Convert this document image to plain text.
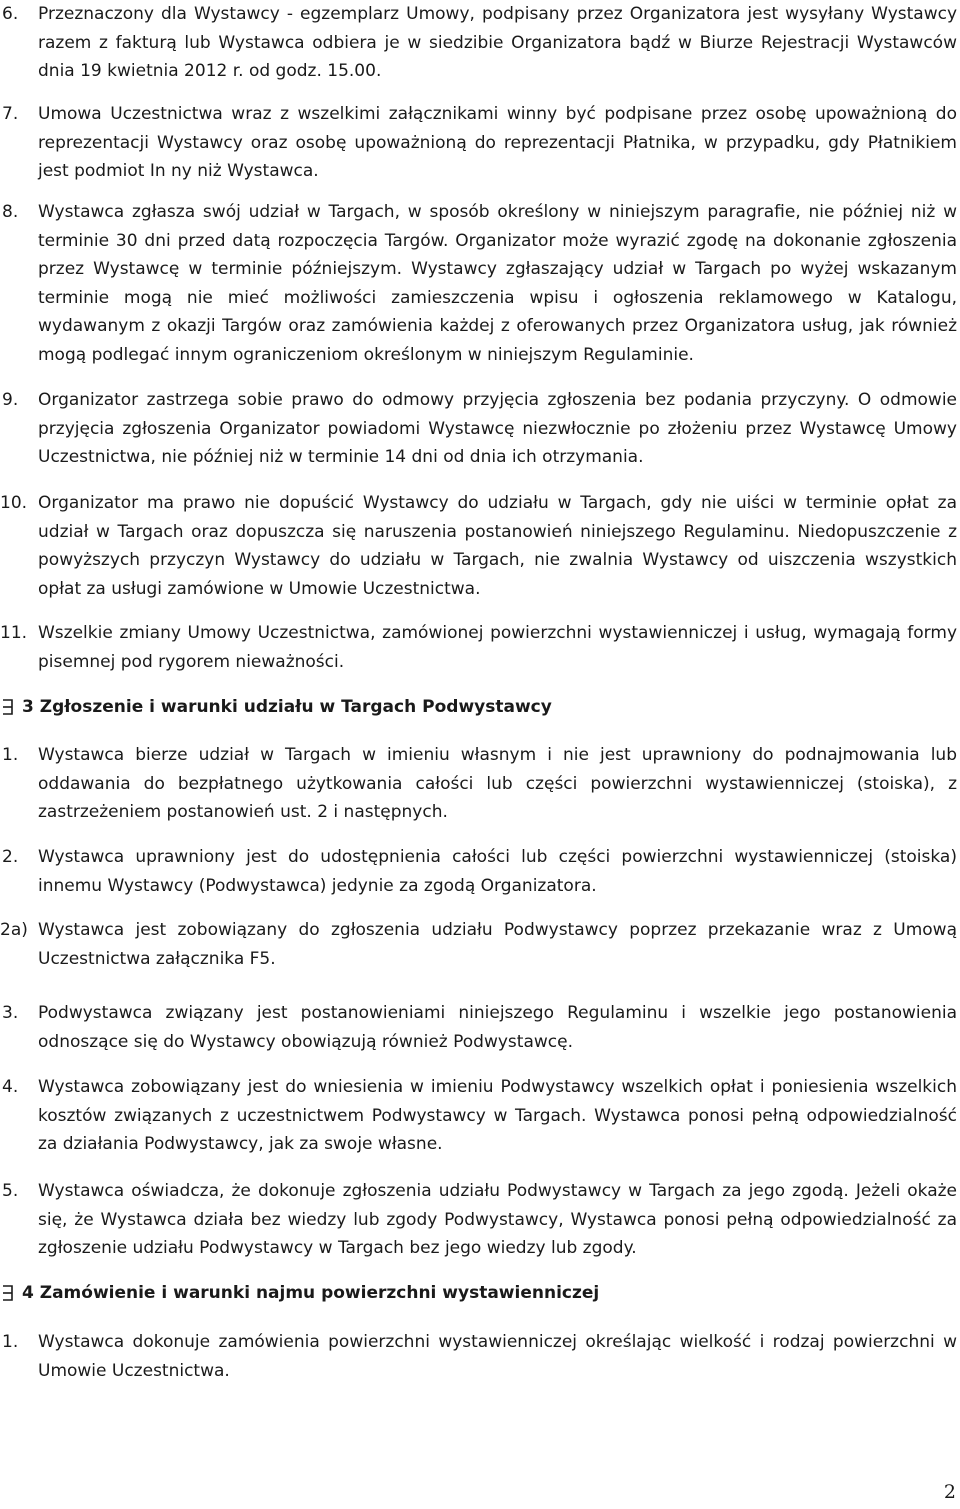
6. Przeznaczony dla Wystawcy - egzemplarz Umowy, podpisany przez Organizatora jest wysyłany Wystawcy razem z fakturą lub Wystawca odbiera je w siedzibie Organizatora bądź w Biurze Rejestracji Wystawców dnia 19 kwietnia 2012 r. od godz. 15.00.
7. Umowa Uczestnictwa wraz z wszelkimi załącznikami winny być podpisane przez osobę upoważnioną do reprezentacji Wystawcy oraz osobę upoważnioną do reprezentacji Płatnika, w przypadku, gdy Płatnikiem jest podmiot In ny niż Wystawca.
8. Wystawca zgłasza swój udział w Targach, w sposób określony w niniejszym paragrafie, nie później niż w terminie 30 dni przed datą rozpoczęcia Targów. Organizator może wyrazić zgodę na dokonanie zgłoszenia przez Wystawcę w terminie późniejszym. Wystawcy zgłaszający udział w Targach po wyżej wskazanym terminie mogą nie mieć możliwości zamieszczenia wpisu i ogłoszenia reklamowego w Katalogu, wydawanym z okazji Targów oraz zamówienia każdej z oferowanych przez Organizatora usług, jak również mogą podlegać innym ograniczeniom określonym w niniejszym Regulaminie.
9. Organizator zastrzega sobie prawo do odmowy przyjęcia zgłoszenia bez podania przyczyny. O odmowie przyjęcia zgłoszenia Organizator powiadomi Wystawcę niezwłocznie po złożeniu przez Wystawcę Umowy Uczestnictwa, nie później niż w terminie 14 dni od dnia ich otrzymania.
10. Organizator ma prawo nie dopuścić Wystawcy do udziału w Targach, gdy nie uiści w terminie opłat za udział w Targach oraz dopuszcza się naruszenia postanowień niniejszego Regulaminu. Niedopuszczenie z powyższych przyczyn Wystawcy do udziału w Targach, nie zwalnia Wystawcy od uiszczenia wszystkich opłat za usługi zamówione w Umowie Uczestnictwa.
11. Wszelkie zmiany Umowy Uczestnictwa, zamówionej powierzchni wystawienniczej i usług, wymagają formy pisemnej pod rygorem nieważności.
3 Zgłoszenie i warunki udziału w Targach Podwystawcy
1. Wystawca bierze udział w Targach w imieniu własnym i nie jest uprawniony do podnajmowania lub oddawania do bezpłatnego użytkowania całości lub części powierzchni wystawienniczej (stoiska), z zastrzeżeniem postanowień ust. 2 i następnych.
2. Wystawca uprawniony jest do udostępnienia całości lub części powierzchni wystawienniczej (stoiska) innemu Wystawcy (Podwystawca) jedynie za zgodą Organizatora.
2a) Wystawca jest zobowiązany do zgłoszenia udziału Podwystawcy poprzez przekazanie wraz z Umową Uczestnictwa załącznika F5.
3. Podwystawca związany jest postanowieniami niniejszego Regulaminu i wszelkie jego postanowienia odnoszące się do Wystawcy obowiązują również Podwystawcę.
4. Wystawca zobowiązany jest do wniesienia w imieniu Podwystawcy wszelkich opłat i poniesienia wszelkich kosztów związanych z uczestnictwem Podwystawcy w Targach. Wystawca ponosi pełną odpowiedzialność za działania Podwystawcy, jak za swoje własne.
5. Wystawca oświadcza, że dokonuje zgłoszenia udziału Podwystawcy w Targach za jego zgodą. Jeżeli okaże się, że Wystawca działa bez wiedzy lub zgody Podwystawcy, Wystawca ponosi pełną odpowiedzialność za zgłoszenie udziału Podwystawcy w Targach bez jego wiedzy lub zgody.
4 Zamówienie i warunki najmu powierzchni wystawienniczej
1. Wystawca dokonuje zamówienia powierzchni wystawienniczej określając wielkość i rodzaj powierzchni w Umowie Uczestnictwa.
2
